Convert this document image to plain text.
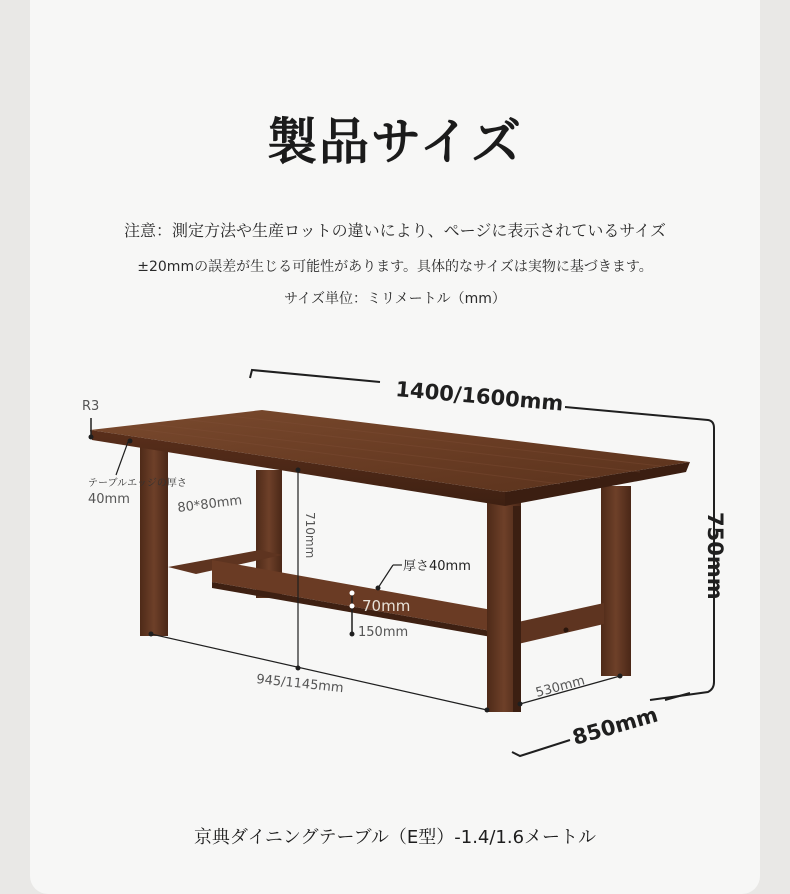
製品サイズ
注意：測定方法や生産ロットの違いにより、ページに表示されているサイズ
±20mmの誤差が生じる可能性があります。具体的なサイズは実物に基づきます。
サイズ単位：ミリメートル（mm）
1400/1600mm
750mm
850mm
R3
テーブルエッジの厚さ
40mm	80*80mm
710mm
厚さ40mm
70mm
150mm
945/1145mm	530mm
京典ダイニングテーブル（E型）-1.4/1.6メートル
